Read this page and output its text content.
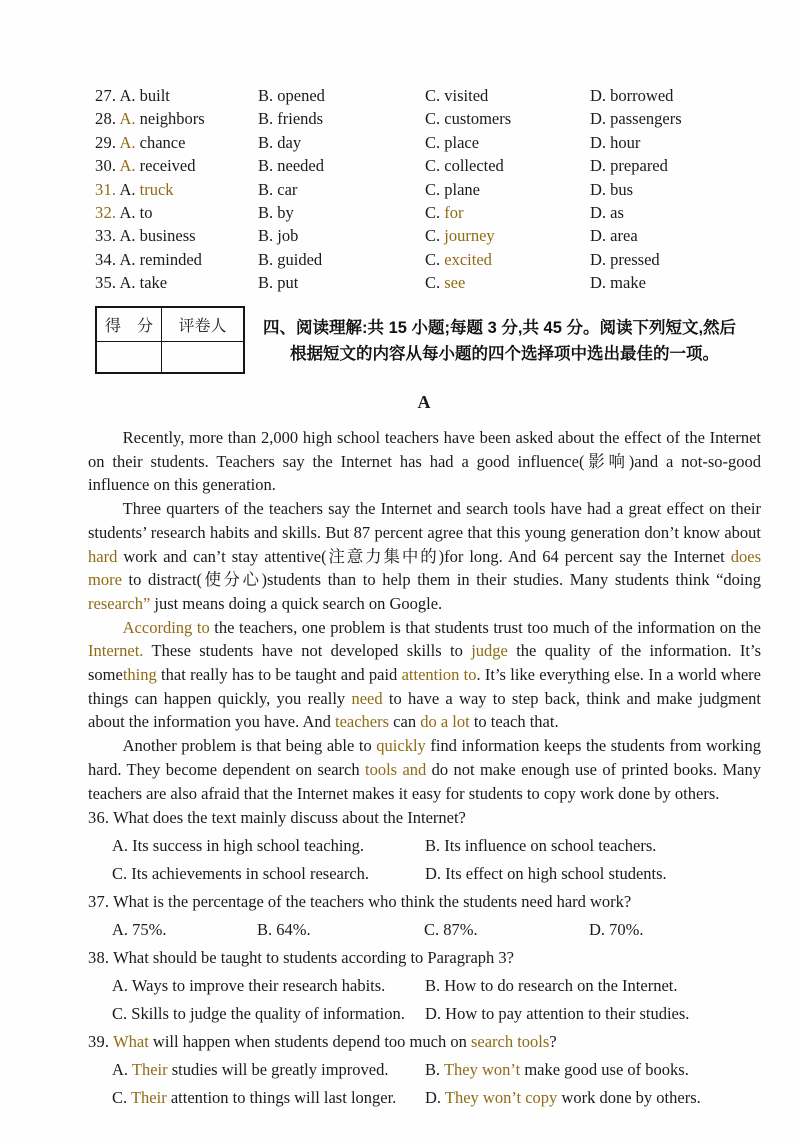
27. A. built	B. opened	C. visited	D. borrowed
28. A. neighbors	B. friends	C. customers	D. passengers
29. A. chance	B. day	C. place	D. hour
30. A. received	B. needed	C. collected	D. prepared
31. A. truck	B. car	C. plane	D. bus
32. A. to	B. by	C. for	D. as
33. A. business	B. job	C. journey	D. area
34. A. reminded	B. guided	C. excited	D. pressed
35. A. take	B. put	C. see	D. make
得　分	评卷人	四、阅读理解:共 15 小题;每题 3 分,共 45 分。阅读下列短文,然后
根据短文的内容从每小题的四个选择项中选出最佳的一项。
A

Recently, more than 2,000 high school teachers have been asked about the effect of the Internet on their students. Teachers say the Internet has had a good influence(影响)and a not-so-good influence on this generation.

Three quarters of the teachers say the Internet and search tools have had a great effect on their students’ research habits and skills. But 87 percent agree that this young generation don’t know about hard work and can’t stay attentive(注意力集中的)for long. And 64 percent say the Internet does more to distract(使分心)students than to help them in their studies. Many students think “doing research” just means doing a quick search on Google.

According to the teachers, one problem is that students trust too much of the information on the Internet. These students have not developed skills to judge the quality of the information. It’s something that really has to be taught and paid attention to. It’s like everything else. In a world where things can happen quickly, you really need to have a way to step back, think and make judgment about the information you have. And teachers can do a lot to teach that.

Another problem is that being able to quickly find information keeps the students from working hard. They become dependent on search tools and do not make enough use of printed books. Many teachers are also afraid that the Internet makes it easy for students to copy work done by others.

36. What does the text mainly discuss about the Internet?
A. Its success in high school teaching.	B. Its influence on school teachers.
C. Its achievements in school research.	D. Its effect on high school students.
37. What is the percentage of the teachers who think the students need hard work?
A. 75%.	B. 64%.	C. 87%.	D. 70%.
38. What should be taught to students according to Paragraph 3?
A. Ways to improve their research habits.	B. How to do research on the Internet.
C. Skills to judge the quality of information.	D. How to pay attention to their studies.
39. What will happen when students depend too much on search tools?
A. Their studies will be greatly improved.	B. They won’t make good use of books.
C. Their attention to things will last longer.	D. They won’t copy work done by others.
